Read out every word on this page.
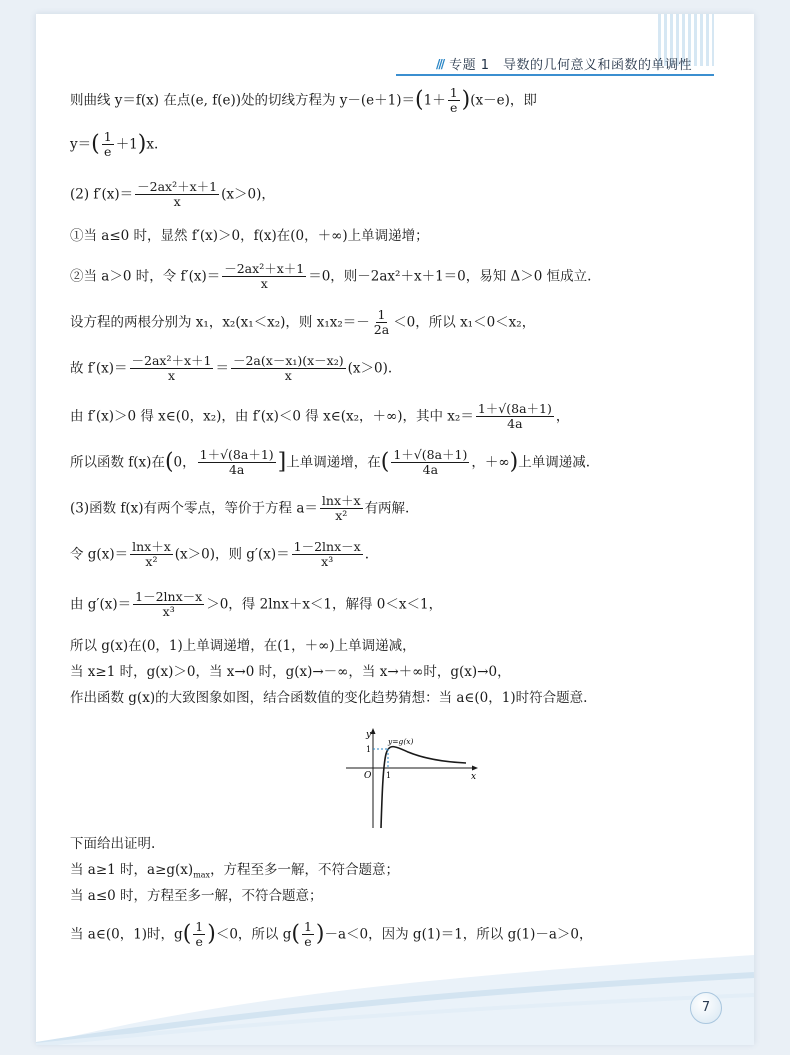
/// 专题 1　导数的几何意义和函数的单调性
则曲线 y＝f(x) 在点(e, f(e))处的切线方程为 $y-(e+1)=(1+ \frac{1}{e} )(x-e)$，即
$y=( \frac{1}{e} +1)x$.
(2) $f'(x)= \frac{\text{－2ax²＋x＋1}}{x} (x>0)$，
①当 a≤0 时，显然 f′(x)＞0，f(x)在(0，＋∞)上单调递增；
②当 a＞0 时，令 $f'(x)= \frac{\text{－2ax²＋x＋1}}{x} =0$，则－2ax²＋x＋1＝0，易知 Δ＞0 恒成立.
设方程的两根分别为 x₁，x₂(x₁＜x₂)，则 $x_1x_2=- \frac{1}{2a} <0$，所以 x₁＜0＜x₂，
故 $f'(x)= \frac{\text{－2ax²＋x＋1}}{x} = \frac{\text{－2a(x－x₁)(x－x₂)}}{x} (x>0)$.
由 f′(x)＞0 得 x∈(0，x₂)，由 f′(x)＜0 得 x∈(x₂，＋∞)，其中 $x_2= \frac{1+√(8a+1)}{4a}$ ，
所以函数 f(x)在(0， $\frac{1+√(8a+1)}{4a}$ ]上单调递增，在( $\frac{1+√(8a+1)}{4a}$ ，＋∞)上单调递减.
(3)函数 f(x)有两个零点，等价于方程 $a= \frac{\ln x+x}{\text{x²}}$ 有两解.
令 $g(x)= \frac{\ln x+x}{\text{x²}} (x>0)$，则 $g'(x)= \frac{1-2\ln x-x}{\text{x³}}$ .
由 $g'(x)= \frac{1-2\ln x-x}{\text{x³}} >0$，得 2lnx＋x＜1，解得 0＜x＜1，
所以 g(x)在(0，1)上单调递增，在(1，＋∞)上单调递减，
当 x≥1 时，g(x)＞0，当 x→0 时，g(x)→－∞，当 x→＋∞时，g(x)→0，
作出函数 g(x)的大致图象如图，结合函数值的变化趋势猜想：当 a∈(0，1)时符合题意.
下面给出证明.
当 a≥1 时，$a\ge g(x)_{max}$，方程至多一解，不符合题意；
当 a≤0 时，方程至多一解，不符合题意；
当 a∈(0，1)时，$g( \frac{1}{e} )<0$，所以 $g( \frac{1}{e} )-a<0$，因为 g(1)＝1，所以 g(1)－a＞0，
y
x
O 1
1
y=g(x)
7
